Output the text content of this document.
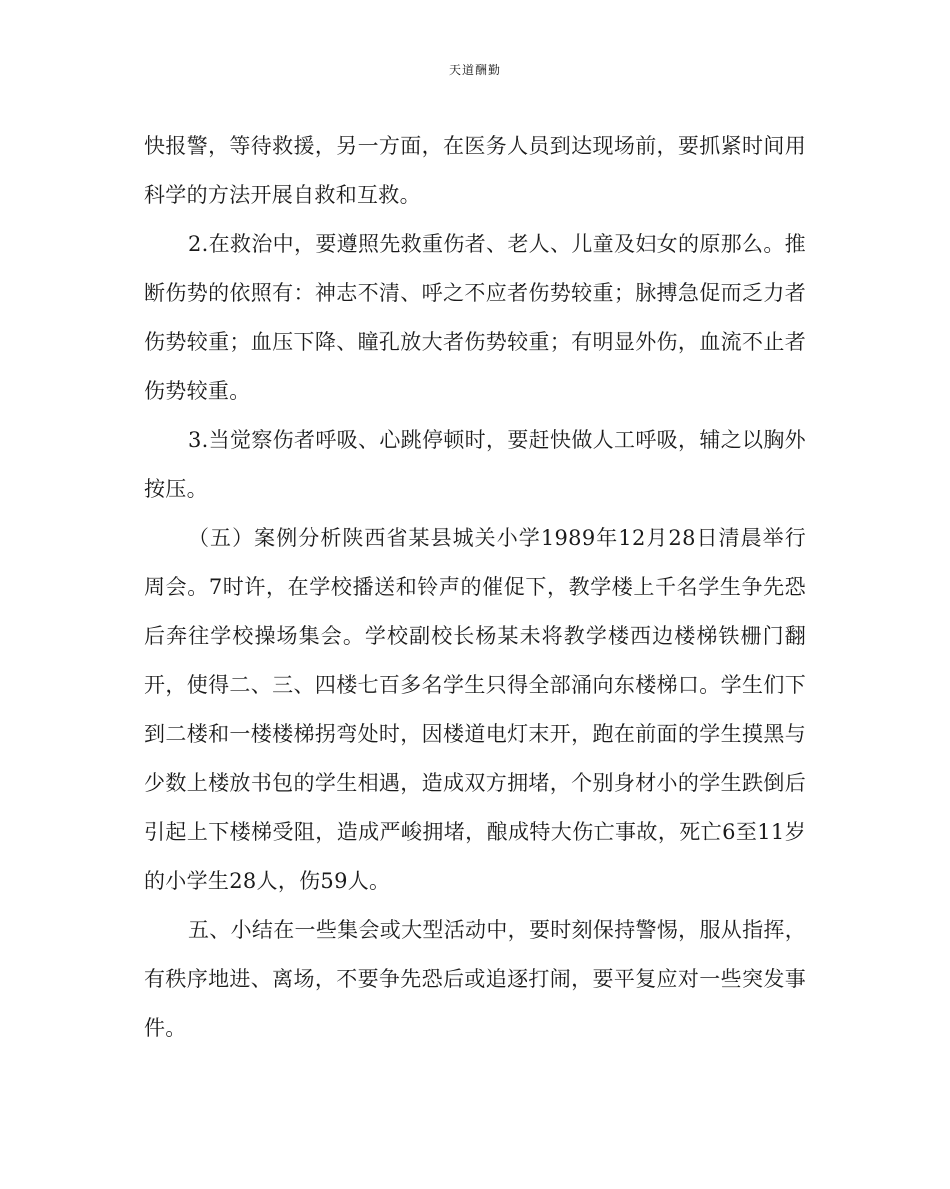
天道酬勤

快报警，等待救援，另一方面，在医务人员到达现场前，要抓紧时间用科学的方法开展自救和互救。

2.在救治中，要遵照先救重伤者、老人、儿童及妇女的原那么。推断伤势的依照有：神志不清、呼之不应者伤势较重；脉搏急促而乏力者伤势较重；血压下降、瞳孔放大者伤势较重；有明显外伤，血流不止者伤势较重。

3.当觉察伤者呼吸、心跳停顿时，要赶快做人工呼吸，辅之以胸外按压。

（五）案例分析陕西省某县城关小学1989年12月28日清晨举行周会。7时许，在学校播送和铃声的催促下，教学楼上千名学生争先恐后奔往学校操场集会。学校副校长杨某未将教学楼西边楼梯铁栅门翻开，使得二、三、四楼七百多名学生只得全部涌向东楼梯口。学生们下到二楼和一楼楼梯拐弯处时，因楼道电灯末开，跑在前面的学生摸黑与少数上楼放书包的学生相遇，造成双方拥堵，个别身材小的学生跌倒后引起上下楼梯受阻，造成严峻拥堵，酿成特大伤亡事故，死亡6至11岁的小学生28人，伤59人。

五、小结在一些集会或大型活动中，要时刻保持警惕，服从指挥，有秩序地进、离场，不要争先恐后或追逐打闹，要平复应对一些突发事件。
